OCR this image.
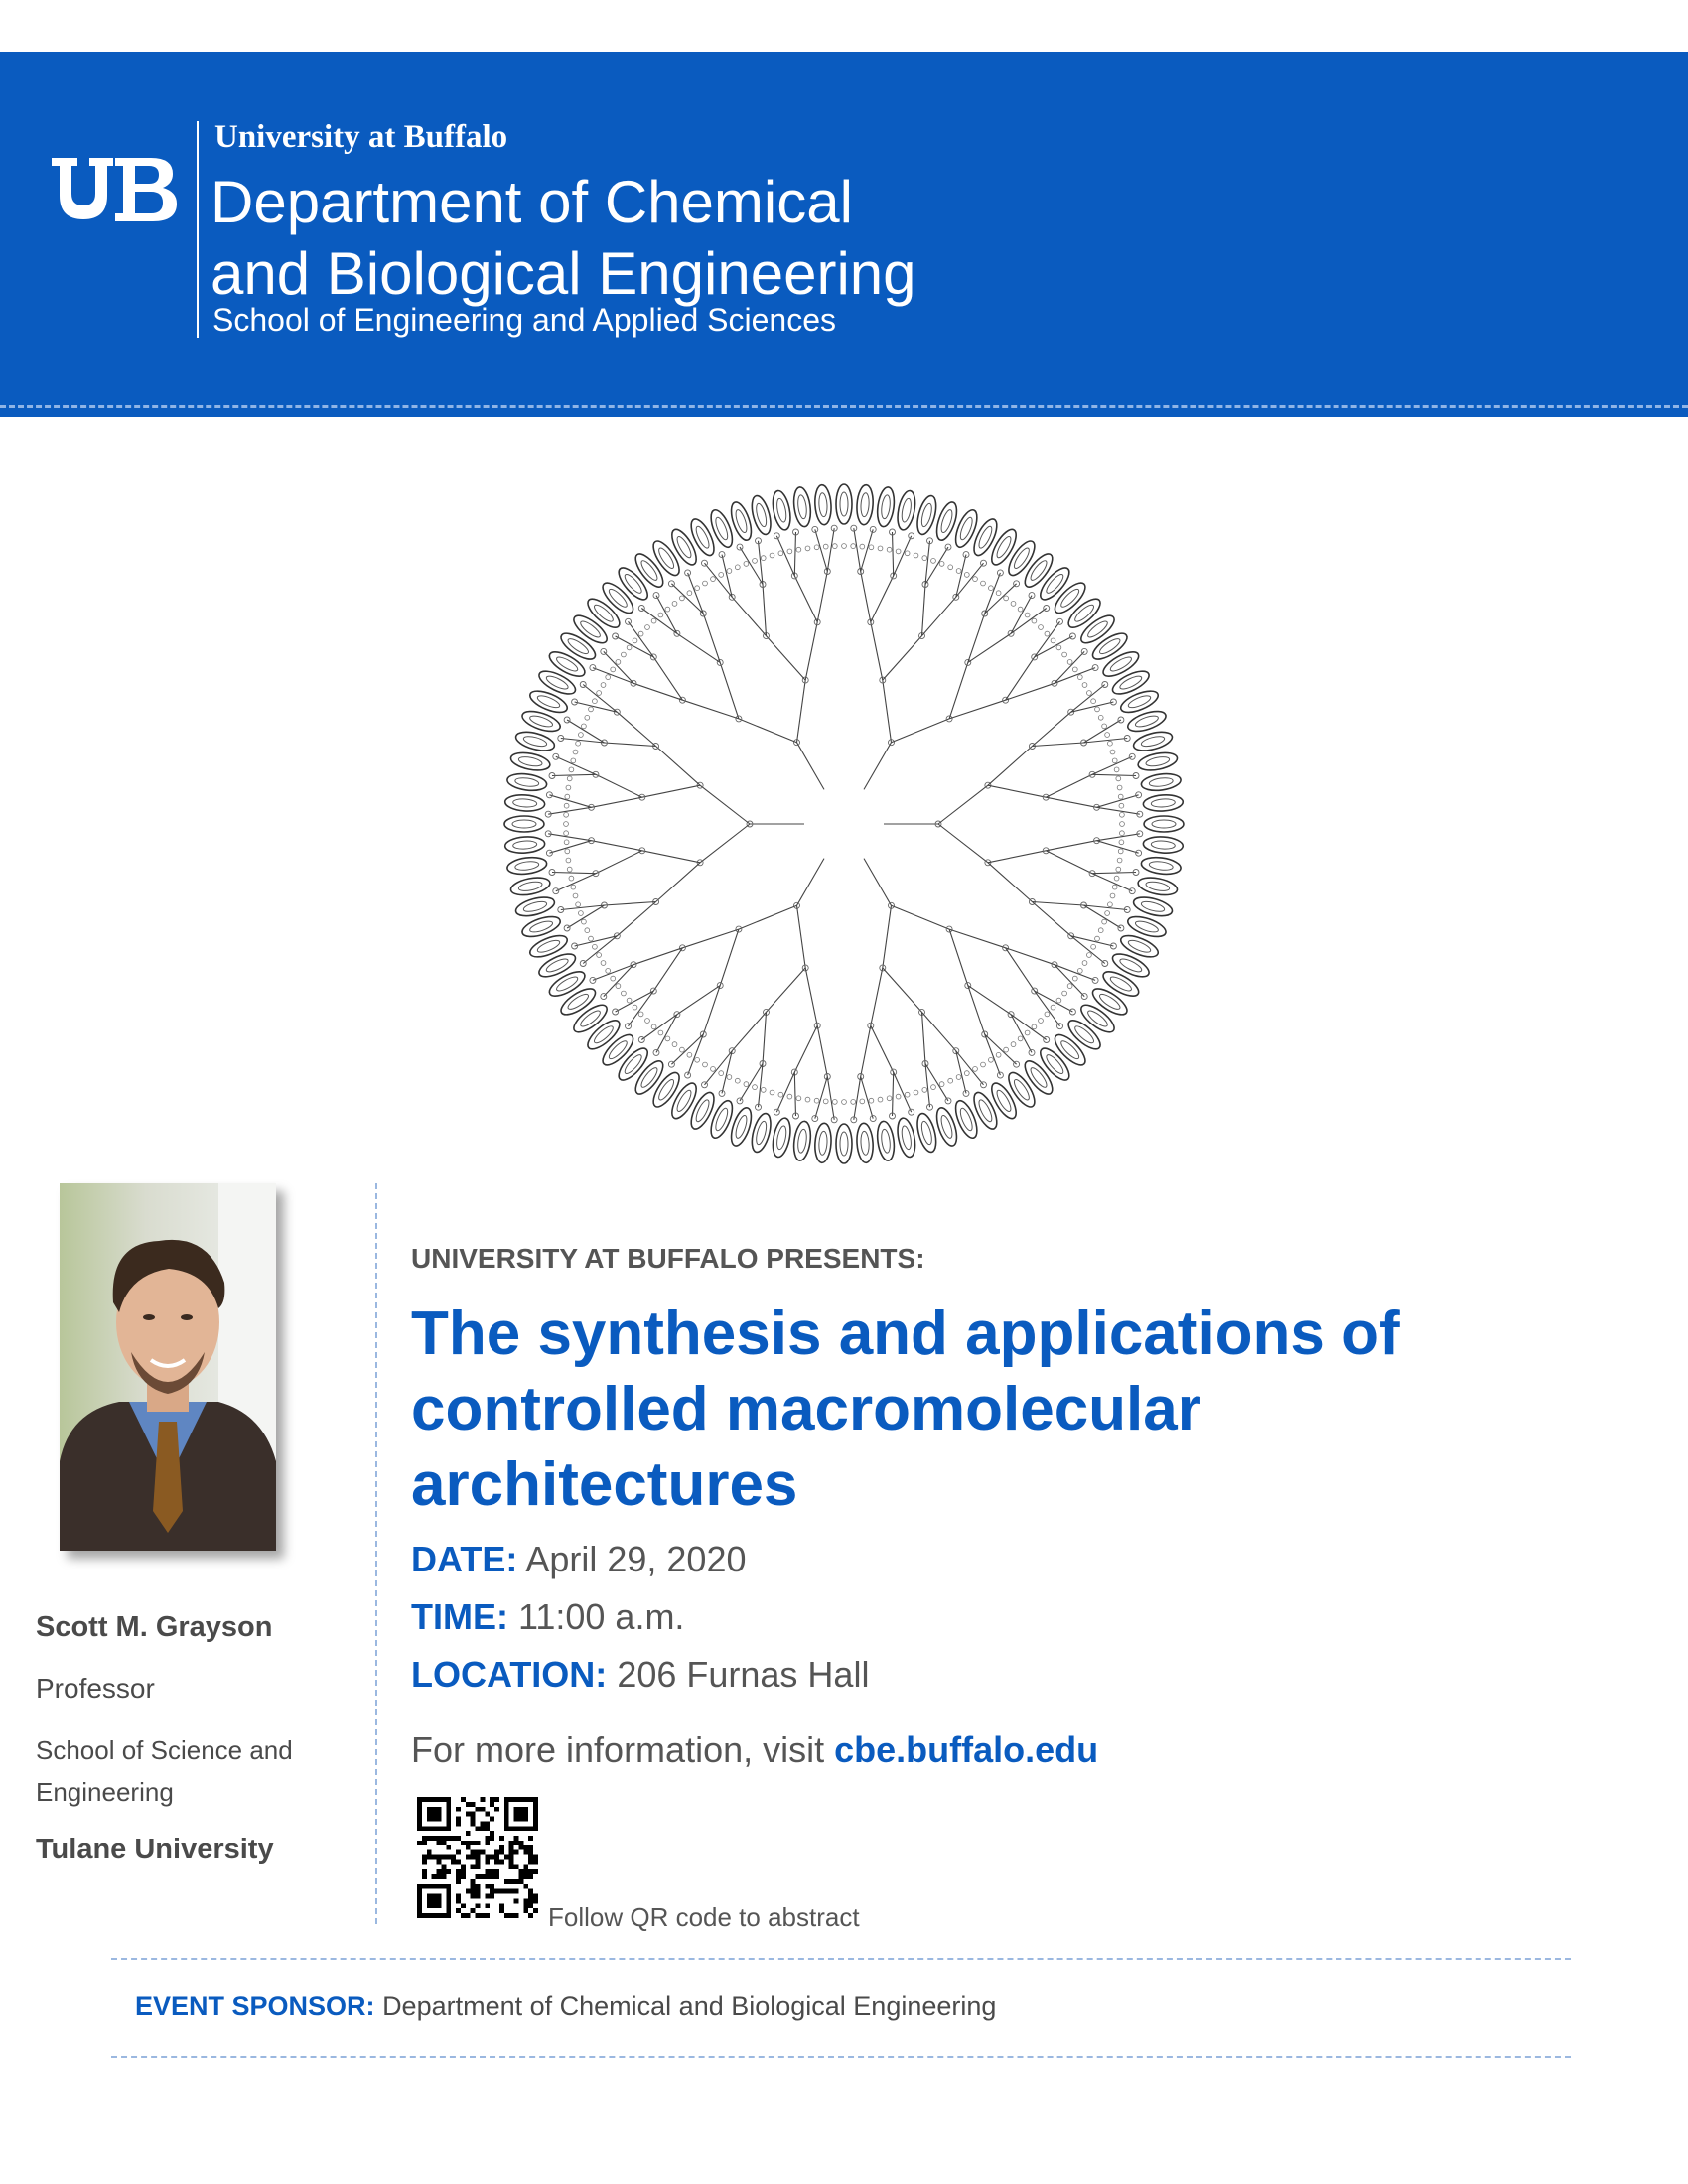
University at Buffalo
Department of Chemical
and Biological Engineering
School of Engineering and Applied Sciences
Scott M. Grayson
Professor
School of Science and Engineering
Tulane University
UNIVERSITY AT BUFFALO PRESENTS:
The synthesis and applications of controlled macromolecular architectures
DATE: April 29, 2020
TIME: 11:00 a.m.
LOCATION: 206 Furnas Hall
For more information, visit cbe.buffalo.edu
Follow QR code to abstract
EVENT SPONSOR: Department of Chemical and Biological Engineering
